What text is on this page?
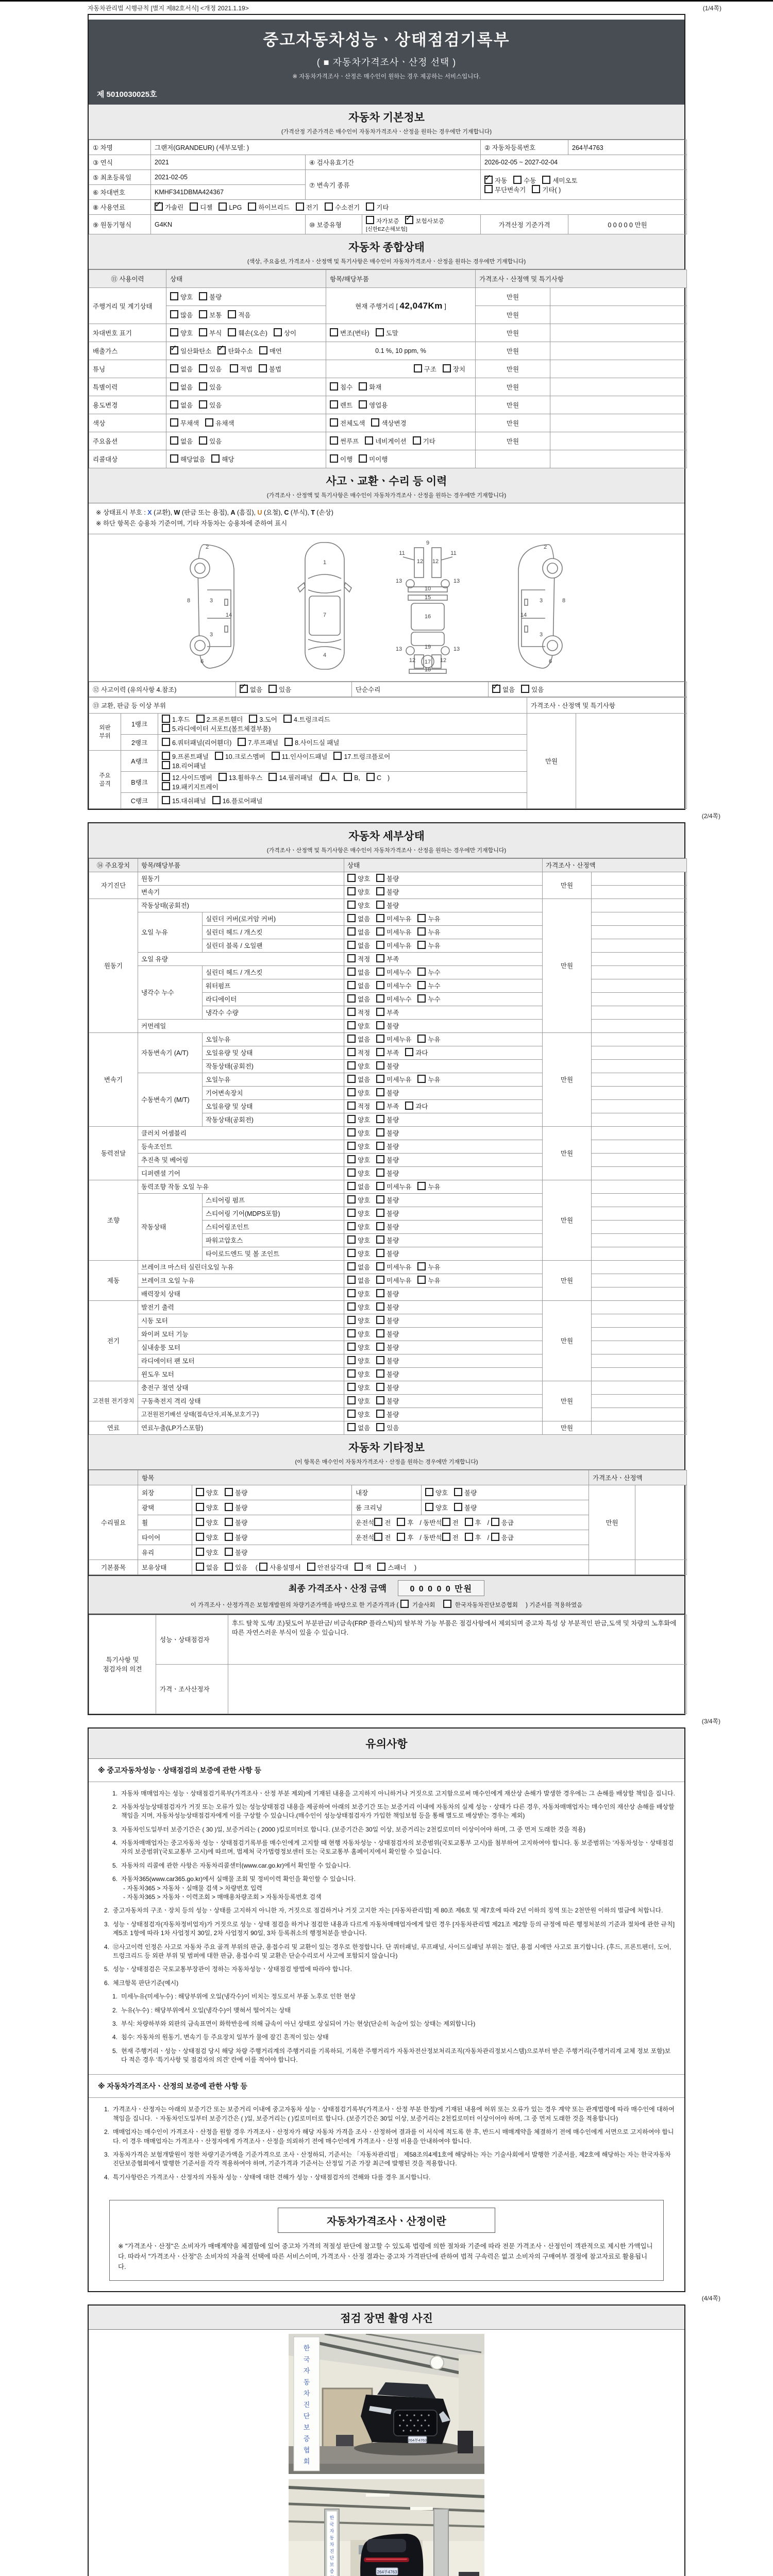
자동차관리법 시행규칙 [별지 제82호서식] <개정 2021.1.19>	(1/4쪽)
중고자동차성능ㆍ상태점검기록부
( ■ 자동차가격조사ㆍ산정 선택 )
※ 자동차가격조사ㆍ산정은 매수인이 원하는 경우 제공하는 서비스입니다.
제 5010030025호
자동차 기본정보
(가격산정 기준가격은 매수인이 자동차가격조사ㆍ산정을 원하는 경우에만 기재합니다)
① 차명	그랜저(GRANDEUR) (세부모델: )			② 자동차등록번호	264부4763
③ 연식	2021	④ 검사유효기간		2026-02-05 ~ 2027-02-04	
⑤ 최초등록일	2021-02-05	⑦ 변속기 종류	✓자동 수동 세미오토
무단변속기 기타( )
⑥ 차대번호	KMHF341DBMA424367				
⑧ 사용연료	✓가솔린 디젤 LPG 하이브리드 전기 수소전기 기타
⑨ 원동기형식	G4KN	⑩ 보증유형	자가보증 ✓ 보험사보증[신한EZ손해보험]	가격산정 기준가격	0 0 0 0 0 만원
자동차 종합상태
(색상, 주요옵션, 가격조사ㆍ산정액 및 특기사항은 매수인이 자동차가격조사ㆍ산정을 원하는 경우에만 기재합니다)
⑪ 사용이력	상태	항목/해당부품	가격조사ㆍ산정액 및 특기사항	
주행거리 및 계기상태	양호 불량	현재 주행거리 [ 42,047Km ]	만원	
	많음 보통 적음		만원	
차대번호 표기	양호 부식 훼손(오손) 상이	변조(변타) 도말	만원	
배출가스	✓일산화탄소 ✓ 탄화수소 매연	0.1 %, 10 ppm, %	만원	
튜닝	없음 있음 적법 불법	구조 장치	만원	
특별이력	없음 있음	침수 화재	만원	
용도변경	없음 있음	렌트 영업용	만원	
색상	무채색 유채색	전체도색 색상변경	만원	
주요옵션	없음 있음	썬루프 네비게이션 기타	만원	
리콜대상	해당없음 해당	이행 미이행		
사고ㆍ교환ㆍ수리 등 이력
(가격조사ㆍ산정액 및 특기사항은 매수인이 자동차가격조사ㆍ산정을 원하는 경우에만 기재합니다)
※ 상태표시 부호 : X (교환), W (판금 또는 용접), A (흠집), U (요철), C (부식), T (손상)
※ 하단 항목은 승용차 기준이며, 기타 자동차는 승용차에 준하여 표시
2
8	3
14
3
6
1
7
4
9
11	11
13	13
12 12
10
15
16
13	13
19
12	12
17
18
2
8
3
14
3
6
⑫ 사고이력 (유의사항 4.참조)	✓없음	있음	단순수리	✓없음	있음
⑬ 교환, 판금 등 이상 부위			가격조사ㆍ산정액 및 특기사항	
외판 부위	1랭크	1.후드 2.프론트휀더 3.도어 4.트렁크리드
5.라디에이터 서포트(볼트체결부품)	만원	
	2랭크	6.쿼터패널(리어휀더) 7.루프패널 8.사이드실 패널		
주요 골격	A랭크	9.프론트패널 10.크로스멤버 11.인사이드패널 17.트렁크플로어
18.리어패널		
	B랭크	12.사이드멤버 13.휠하우스 14.필러패널 ( A, B, C )
19.패키지트레이		
	C랭크	15.대쉬패널 16.플로어패널		
(2/4쪽)
자동차 세부상태
(가격조사ㆍ산정액 및 특기사항은 매수인이 자동차가격조사ㆍ산정을 원하는 경우에만 기재합니다)
⑭ 주요장치	항목/해당부품		상태	가격조사ㆍ산정액	
자기진단	원동기		양호 불량	만원	
	변속기		양호 불량		
원동기	작동상태(공회전)		양호 불량	만원	
	오일 누유	실린더 커버(로커암 커버)	없음 미세누유 누유		
		실린더 헤드 / 개스킷	없음 미세누유 누유		
		실린더 블록 / 오일팬	없음 미세누유 누유		
	오일 유량		적정 부족		
	냉각수 누수	실린더 헤드 / 개스킷	없음 미세누수 누수		
		워터펌프	없음 미세누수 누수		
		라디에이터	없음 미세누수 누수		
		냉각수 수량	적정 부족		
	커먼레일		양호 불량		
변속기	자동변속기 (A/T)	오일누유	없음 미세누유 누유	만원	
		오일유량 및 상태	적정 부족 과다		
		작동상태(공회전)	양호 불량		
	수동변속기 (M/T)	오일누유	없음 미세누유 누유		
		기어변속장치	양호 불량		
		오일유량 및 상태	적정 부족 과다		
		작동상태(공회전)	양호 불량		
동력전달	클러치 어셈블리		양호 불량	만원	
	등속조인트		양호 불량		
	추진축 및 베어링		양호 불량		
	디퍼렌셜 기어		양호 불량		
조향	동력조향 작동 오일 누유		없음 미세누유 누유	만원	
	작동상태	스티어링 펌프	양호 불량		
		스티어링 기어(MDPS포함)	양호 불량		
		스티어링조인트	양호 불량		
		파워고압호스	양호 불량		
		타이로드엔드 및 볼 조인트	양호 불량		
제동	브레이크 마스터 실린더오일 누유		없음 미세누유 누유	만원	
	브레이크 오일 누유		없음 미세누유 누유		
	배력장치 상태		양호 불량		
전기	발전기 출력		양호 불량	만원	
	시동 모터		양호 불량		
	와이퍼 모터 기능		양호 불량		
	실내송풍 모터		양호 불량		
	라디에이터 팬 모터		양호 불량		
	윈도우 모터		양호 불량		
고전원 전기장치	충전구 절연 상태		양호 불량	만원	
	구동축전지 격리 상태		양호 불량		
	고전원전기배선 상태(접속단자,피복,보호기구)		양호 불량		
연료	연료누출(LP가스포함)		없음 있음	만원	
자동차 기타정보
(이 항목은 매수인이 자동차가격조사ㆍ산정을 원하는 경우에만 기재합니다)
	항목				가격조사ㆍ산정액	
수리필요	외장	양호 불량	내장	양호 불량	만원	
	광택	양호 불량	룸 크리닝	양호 불량		
	휠	양호 불량	운전석 전 후 / 동반석 전 후 / 응급			
	타이어	양호 불량	운전석 전 후 / 동반석 전 후 / 응급			
	유리	양호 불량				
기본품목	보유상태	없음 있음 ( 사용설명서 안전삼각대 잭 스패너 )				
최종 가격조사ㆍ산정 금액	0 0 0 0 0 만원
이 가격조사ㆍ산정가격은 보험개발원의 차량기준가액을 바탕으로 한 기준가격과 ( 기술사회	한국자동차진단보증협회 ) 기준서를 적용하였음
특기사항 및 점검자의 의견	성능ㆍ상태점검자	후드 탈착 도색/ 조)뒷도어 부분판금/ 비금속(FRP 플라스틱)의 탈부착 가능 부품은 점검사항에서 제외되며 중고차 특성 상 부분적인 판금,도색 및 차량의 노후화에 따른 자연스러운 부식이 있을 수 있습니다.
	가격ㆍ조사산정자	
(3/4쪽)
유의사항
※ 중고자동차성능ㆍ상태점검의 보증에 관한 사항 등
1. 자동차 매매업자는 성능ㆍ상태점검기록부(가격조사ㆍ산정 부분 제외)에 기재된 내용을 고지하지 아니하거나 거짓으로 고지함으로써 매수인에게 재산상 손해가 발생한 경우에는 그 손해를 배상할 책임을 집니다.
2. 자동차성능상태점검자가 거짓 또는 오류가 있는 성능상태점검 내용을 제공하여 아래의 보증기간 또는 보증거리 이내에 자동차의 실제 성능ㆍ상태가 다른 경우, 자동차매매업자는 매수인의 재산상 손해를 배상할 책임을 지며, 자동차성능상태점검자에게 이를 구상할 수 있습니다.(매수인이 성능상태점검자가 가입한 책임보험 등을 통해 별도로 배상받는 경우는 제외)
3. 자동차인도일부터 보증기간은 ( 30 )일, 보증거리는 ( 2000 )킬로미터로 합니다. (보증기간은 30일 이상, 보증거리는 2천킬로미터 이상이어야 하며, 그 중 먼저 도래한 것을 적용)
4. 자동차매매업자는 중고자동차 성능ㆍ상태점검기록부를 매수인에게 고지할 때 현행 자동차성능ㆍ상태점검자의 보증범위(국토교통부 고시)를 첨부하여 고지하여야 합니다. 동 보증범위는 '자동차성능ㆍ상태점검자의 보증범위'(국토교통부 고시)에 따르며, 법제처 국가법령정보센터 또는 국토교통부 홈페이지에서 확인할 수 있습니다.
5. 자동차의 리콜에 관한 사항은 자동차리콜센터(www.car.go.kr)에서 확인할 수 있습니다.
6. 자동차365(www.car365.go.kr)에서 실매물 조회 및 정비이력 확인을 확인할 수 있습니다.
- 자동차365 > 자동차ㆍ실매물 검색 > 차량번호 입력
- 자동차365 > 자동차ㆍ이력조회 > 매매용차량조회 > 자동차등록번호 검색
2. 중고자동차의 구조ㆍ장치 등의 성능ㆍ상태를 고지하지 아니한 자, 거짓으로 점검하거나 거짓 고지한 자는 [자동차관리법] 제 80조 제6호 및 제7호에 따라 2년 이하의 징역 또는 2천만원 이하의 벌금에 처합니다.
3. 성능ㆍ상태점검자(자동차정비업자)가 거짓으로 성능ㆍ상태 점검을 하거나 점검한 내용과 다르게 자동차매매업자에게 알린 경우 [자동차관리법 제21조 제2항 등의 규정에 따른 행정처분의 기준과 절차에 관한 규칙] 제5조 1항에 따라 1차 사업정지 30일, 2차 사업정지 90일, 3차 등록취소의 행정처분을 받습니다.
4. ⑫사고이력 인정은 사고로 자동차 주요 골격 부위의 판금, 용접수리 및 교환이 있는 경우로 한정합니다. 단 쿼터패널, 루프패널, 사이드실패널 부위는 절단, 용접 시에만 사고로 표기합니다. (후드, 프론트펜더, 도어, 트렁크리드 등 외판 부위 및 범퍼에 대한 판금, 용접수리 및 교환은 단순수리로서 사고에 포함되지 않습니다)
5. 성능ㆍ상태점검은 국토교통부장관이 정하는 자동차성능ㆍ상태점검 방법에 따라야 합니다.
6. 체크항목 판단기준(예시)
1. 미세누유(미세누수) : 해당부위에 오일(냉각수)이 비치는 정도로서 부품 노후로 인한 현상
2. 누유(누수) : 해당부위에서 오일(냉각수)이 맺혀서 떨어지는 상태
3. 부식: 차량하부와 외판의 금속표면이 화학반응에 의해 금속이 아닌 상태로 상실되어 가는 현상(단순히 녹슬어 있는 상태는 제외합니다)
4. 침수: 자동차의 원동기, 변속기 등 주요장치 일부가 물에 잠긴 흔적이 있는 상태
5. 현재 주행거리ㆍ성능ㆍ상태점검 당시 해당 차량 주행거리계의 주행거리를 기록하되, 기록한 주행거리가 자동차전산정보처리조직(자동차관리정보시스템)으로부터 받은 주행거리(주행거리계 교체 정보 포함)보다 적은 경우 '특기사항 및 점검자의 의견' 란에 이를 적어야 합니다.
※ 자동차가격조사ㆍ산정의 보증에 관한 사항 등
1. 가격조사ㆍ산정자는 아래의 보증기간 또는 보증거리 이내에 중고자동차 성능ㆍ상태점검기록부(가격조사ㆍ산정 부분 한정)에 기재된 내용에 허위 또는 오류가 있는 경우 계약 또는 관계법령에 따라 매수인에 대하여 책임을 집니다. ㆍ자동차인도일부터 보증기간은 ( )일, 보증거리는 ( )킬로미터로 합니다. (보증기간은 30일 이상, 보증거리는 2천킬로미터 이상이어야 하며, 그 중 먼저 도래한 것을 적용합니다)
2. 매매업자는 매수인이 가격조사ㆍ산정을 원할 경우 가격조사ㆍ산정자가 해당 자동차 가격을 조사ㆍ산정하여 결과를 이 서식에 적도록 한 후, 반드시 매매계약을 체결하기 전에 매수인에게 서면으로 고지하여야 합니다. 이 경우 매매업자는 가격조사ㆍ산정자에게 가격조사ㆍ산정을 의뢰하기 전에 매수인에게 가격조사ㆍ산정 비용을 안내하여야 합니다.
3. 자동차가격은 보험개발원이 정한 차량기준가액을 기준가격으로 조사ㆍ산정하되, 기준서는 「자동차관리법」 제58조의4제1호에 해당하는 자는 기술사회에서 발행한 기준서를, 제2호에 해당하는 자는 한국자동차진단보증협회에서 발행한 기준서를 각각 적용하여야 하며, 기준가격과 기준서는 산정일 기준 가장 최근에 발행된 것을 적용합니다.
4. 특기사항란은 가격조사ㆍ산정자의 자동차 성능ㆍ상태에 대한 견해가 성능ㆍ상태점검자의 견해와 다를 경우 표시합니다.
자동차가격조사ㆍ산정이란
※ "가격조사ㆍ산정"은 소비자가 매매계약을 체결함에 있어 중고차 가격의 적절성 판단에 참고할 수 있도록 법령에 의한 절차와 기준에 따라 전문 가격조사ㆍ산정인이 객관적으로 제시한 가액입니다. 따라서 "가격조사ㆍ산정"은 소비자의 자율적 선택에 따른 서비스이며, 가격조사ㆍ산정 결과는 중고차 가격판단에 관하여 법적 구속력은 없고 소비자의 구매여부 결정에 참고자료로 활용됩니다.
(4/4쪽)
점검 장면 촬영 사진
264부4763
한
국
자
동
차
진
단
보
증
협
회
264부4763
한
국
자
동
차
진
단
보
증
